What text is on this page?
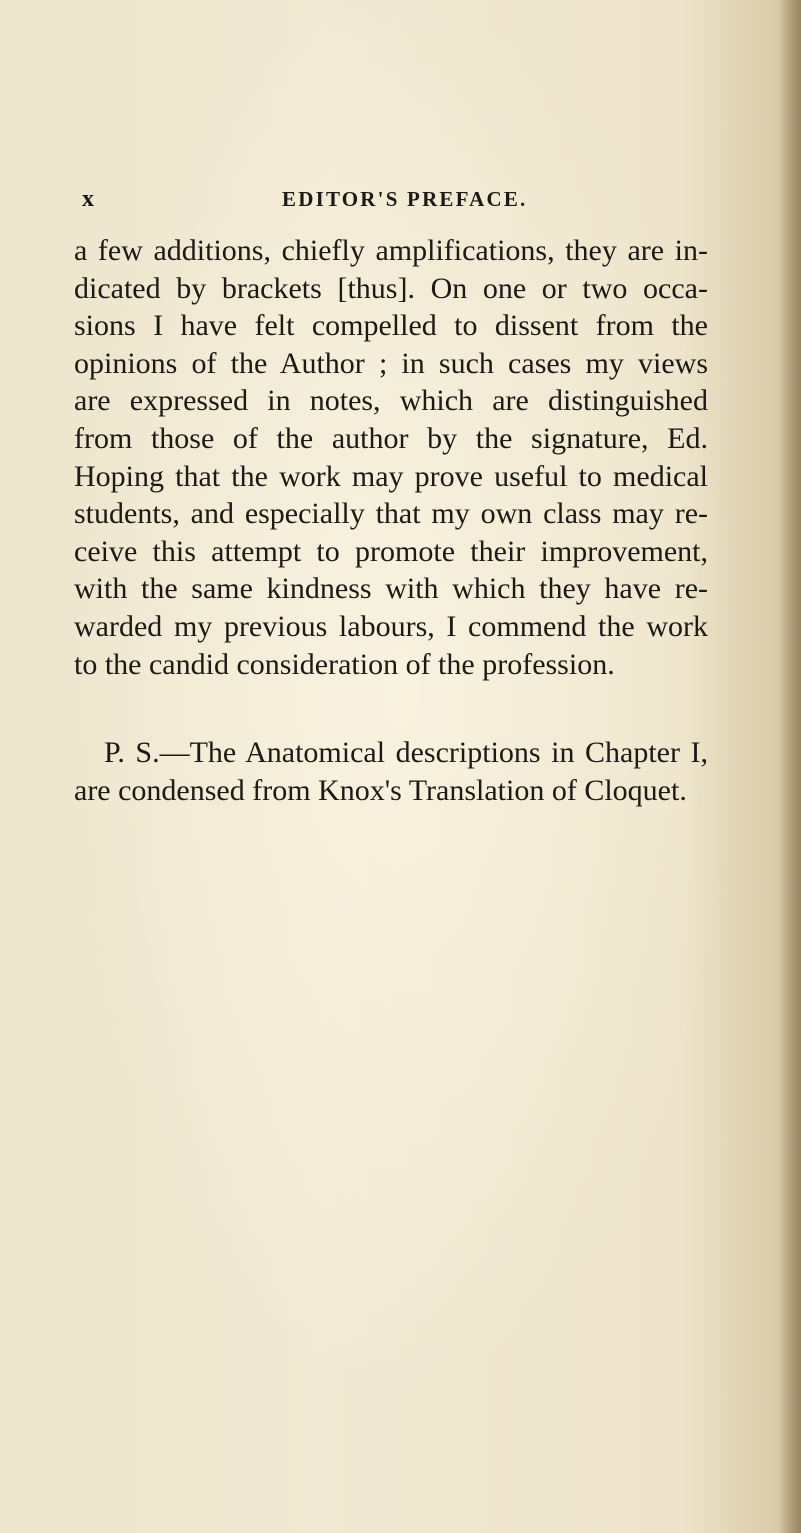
x	EDITOR'S PREFACE.
a few additions, chiefly amplifications, they are in-
dicated by brackets [thus]. On one or two occa-
sions I have felt compelled to dissent from the
opinions of the Author ; in such cases my views
are expressed in notes, which are distinguished
from those of the author by the signature, Ed.
Hoping that the work may prove useful to medical
students, and especially that my own class may re-
ceive this attempt to promote their improvement,
with the same kindness with which they have re-
warded my previous labours, I commend the work
to the candid consideration of the profession.
P. S.—The Anatomical descriptions in Chapter I,
are condensed from Knox's Translation of Cloquet.
